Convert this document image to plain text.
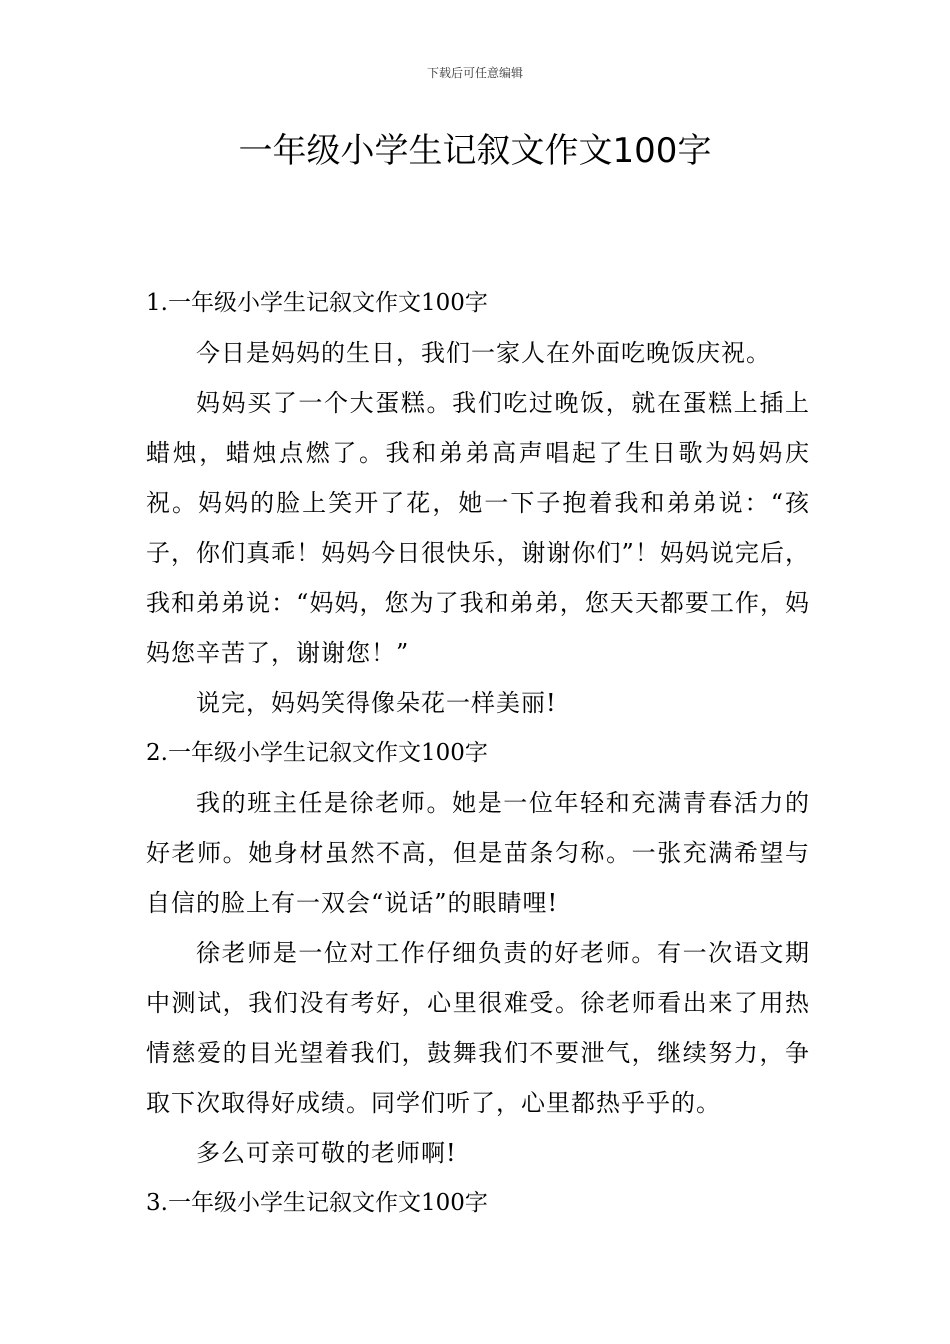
下载后可任意编辑
一年级小学生记叙文作文100字
1.一年级小学生记叙文作文100字

今日是妈妈的生日，我们一家人在外面吃晚饭庆祝。

妈妈买了一个大蛋糕。我们吃过晚饭，就在蛋糕上插上蜡烛，蜡烛点燃了。我和弟弟高声唱起了生日歌为妈妈庆祝。妈妈的脸上笑开了花，她一下子抱着我和弟弟说：“孩子，你们真乖！妈妈今日很快乐，谢谢你们”！妈妈说完后，我和弟弟说：“妈妈，您为了我和弟弟，您天天都要工作，妈妈您辛苦了，谢谢您！”

说完，妈妈笑得像朵花一样美丽!

2.一年级小学生记叙文作文100字

我的班主任是徐老师。她是一位年轻和充满青春活力的好老师。她身材虽然不高，但是苗条匀称。一张充满希望与自信的脸上有一双会“说话”的眼睛哩!

徐老师是一位对工作仔细负责的好老师。有一次语文期中测试，我们没有考好，心里很难受。徐老师看出来了用热情慈爱的目光望着我们，鼓舞我们不要泄气，继续努力，争取下次取得好成绩。同学们听了，心里都热乎乎的。

多么可亲可敬的老师啊!

3.一年级小学生记叙文作文100字
